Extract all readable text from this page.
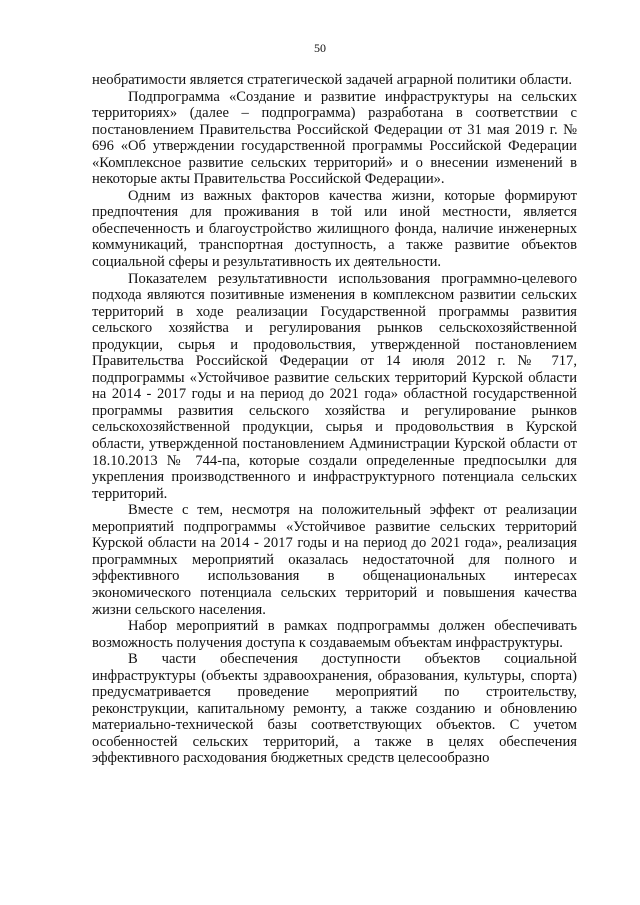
50

необратимости является стратегической задачей аграрной политики области.

Подпрограмма «Создание и развитие инфраструктуры на сельских территориях» (далее – подпрограмма) разработана в соответствии с постановлением Правительства Российской Федерации от 31 мая 2019 г. № 696 «Об утверждении государственной программы Российской Федерации «Комплексное развитие сельских территорий» и о внесении изменений в некоторые акты Правительства Российской Федерации».

Одним из важных факторов качества жизни, которые формируют предпочтения для проживания в той или иной местности, является обеспеченность и благоустройство жилищного фонда, наличие инженерных коммуникаций, транспортная доступность, а также развитие объектов социальной сферы и результативность их деятельности.

Показателем результативности использования программно-целевого подхода являются позитивные изменения в комплексном развитии сельских территорий в ходе реализации Государственной программы развития сельского хозяйства и регулирования рынков сельскохозяйственной продукции, сырья и продовольствия, утвержденной постановлением Правительства Российской Федерации от 14 июля 2012 г. № 717, подпрограммы «Устойчивое развитие сельских территорий Курской области на 2014 - 2017 годы и на период до 2021 года» областной государственной программы развития сельского хозяйства и регулирование рынков сельскохозяйственной продукции, сырья и продовольствия в Курской области, утвержденной постановлением Администрации Курской области от 18.10.2013 № 744-па, которые создали определенные предпосылки для укрепления производственного и инфраструктурного потенциала сельских территорий.

Вместе с тем, несмотря на положительный эффект от реализации мероприятий подпрограммы «Устойчивое развитие сельских территорий Курской области на 2014 - 2017 годы и на период до 2021 года», реализация программных мероприятий оказалась недостаточной для полного и эффективного использования в общенациональных интересах экономического потенциала сельских территорий и повышения качества жизни сельского населения.

Набор мероприятий в рамках подпрограммы должен обеспечивать возможность получения доступа к создаваемым объектам инфраструктуры.

В части обеспечения доступности объектов социальной инфраструктуры (объекты здравоохранения, образования, культуры, спорта) предусматривается проведение мероприятий по строительству, реконструкции, капитальному ремонту, а также созданию и обновлению материально-технической базы соответствующих объектов. С учетом особенностей сельских территорий, а также в целях обеспечения эффективного расходования бюджетных средств целесообразно
